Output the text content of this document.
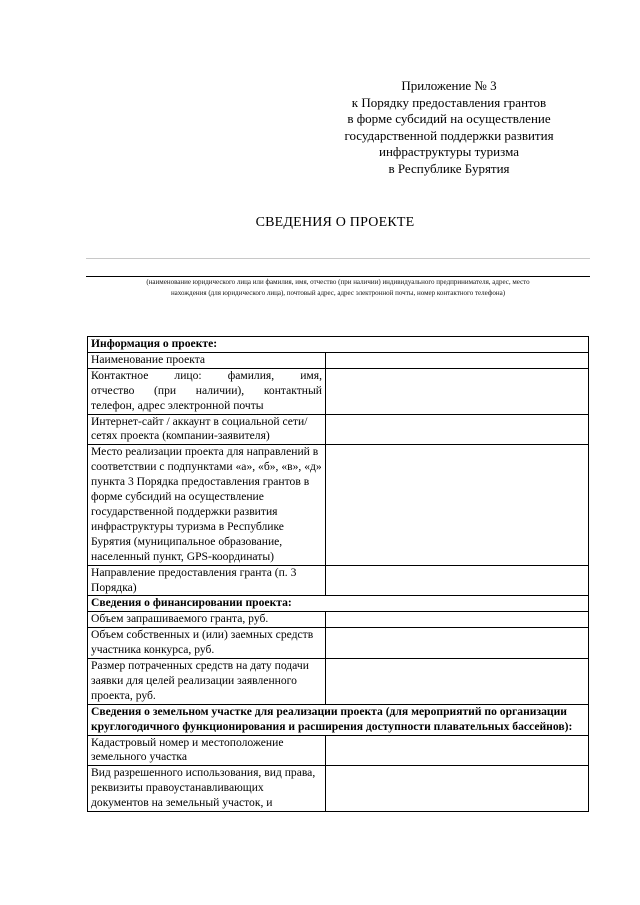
Приложение № 3
к Порядку предоставления грантов
в форме субсидий на осуществление
государственной поддержки развития
инфраструктуры туризма
в Республике Бурятия
СВЕДЕНИЯ О ПРОЕКТЕ
(наименование юридического лица или фамилия, имя, отчество (при наличии) индивидуального предпринимателя, адрес, место
нахождения (для юридического лица), почтовый адрес, адрес электронной почты, номер контактного телефона)
Информация о проекте:	
Наименование проекта	

Контактное лицо: фамилия, имя,
отчество (при наличии), контактный
телефон, адрес электронной почты	

Интернет-сайт / аккаунт в социальной сети/сетях проекта (компании-заявителя)	
Место реализации проекта для направлений в соответствии с подпунктами «а», «б», «в», «д» пункта 3 Порядка предоставления грантов в форме субсидий на осуществление государственной поддержки развития инфраструктуры туризма в Республике Бурятия (муниципальное образование, населенный пункт, GPS-координаты)	
Направление предоставления гранта (п. 3 Порядка)	
Сведения о финансировании проекта:	
Объем запрашиваемого гранта, руб.	
Объем собственных и (или) заемных средств участника конкурса, руб.	
Размер потраченных средств на дату подачи заявки для целей реализации заявленного проекта, руб.	
Сведения о земельном участке для реализации проекта (для мероприятий по организации круглогодичного функционирования и расширения доступности плавательных бассейнов):	
Кадастровый номер и местоположение земельного участка	
Вид разрешенного использования, вид права, реквизиты правоустанавливающих документов на земельный участок, и	
